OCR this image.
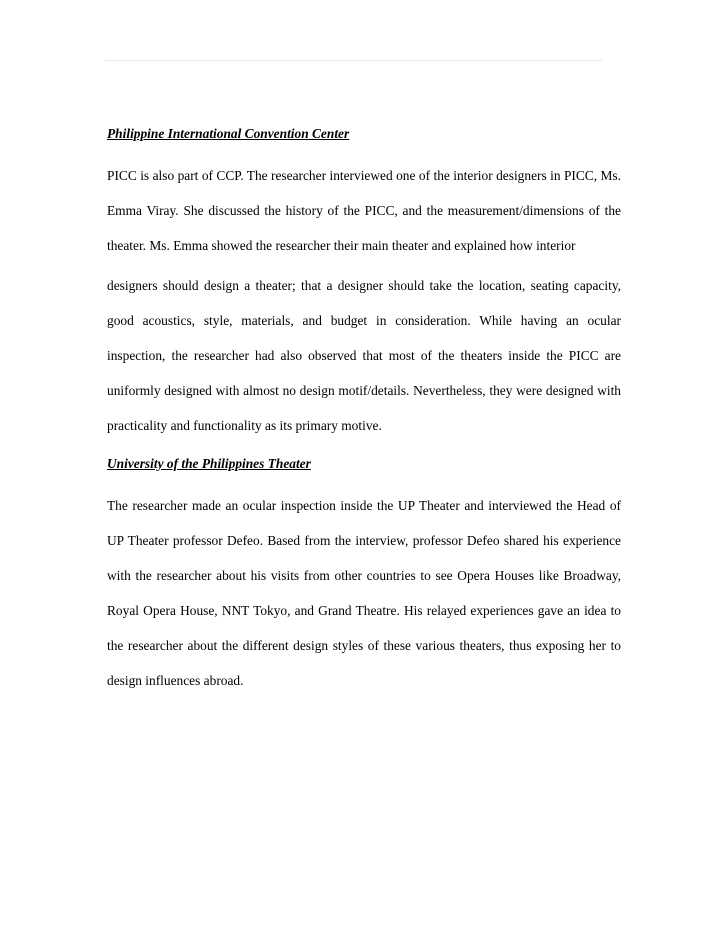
Philippine International Convention Center

PICC is also part of CCP. The researcher interviewed one of the interior designers in PICC, Ms. Emma Viray. She discussed the history of the PICC, and the measurement/dimensions of the theater. Ms. Emma showed the researcher their main theater and explained how interior

designers should design a theater; that a designer should take the location, seating capacity, good acoustics, style, materials, and budget in consideration. While having an ocular inspection, the researcher had also observed that most of the theaters inside the PICC are uniformly designed with almost no design motif/details. Nevertheless, they were designed with practicality and functionality as its primary motive.

University of the Philippines Theater

The researcher made an ocular inspection inside the UP Theater and interviewed the Head of UP Theater professor Defeo. Based from the interview, professor Defeo shared his experience with the researcher about his visits from other countries to see Opera Houses like Broadway, Royal Opera House, NNT Tokyo, and Grand Theatre. His relayed experiences gave an idea to the researcher about the different design styles of these various theaters, thus exposing her to design influences abroad.
